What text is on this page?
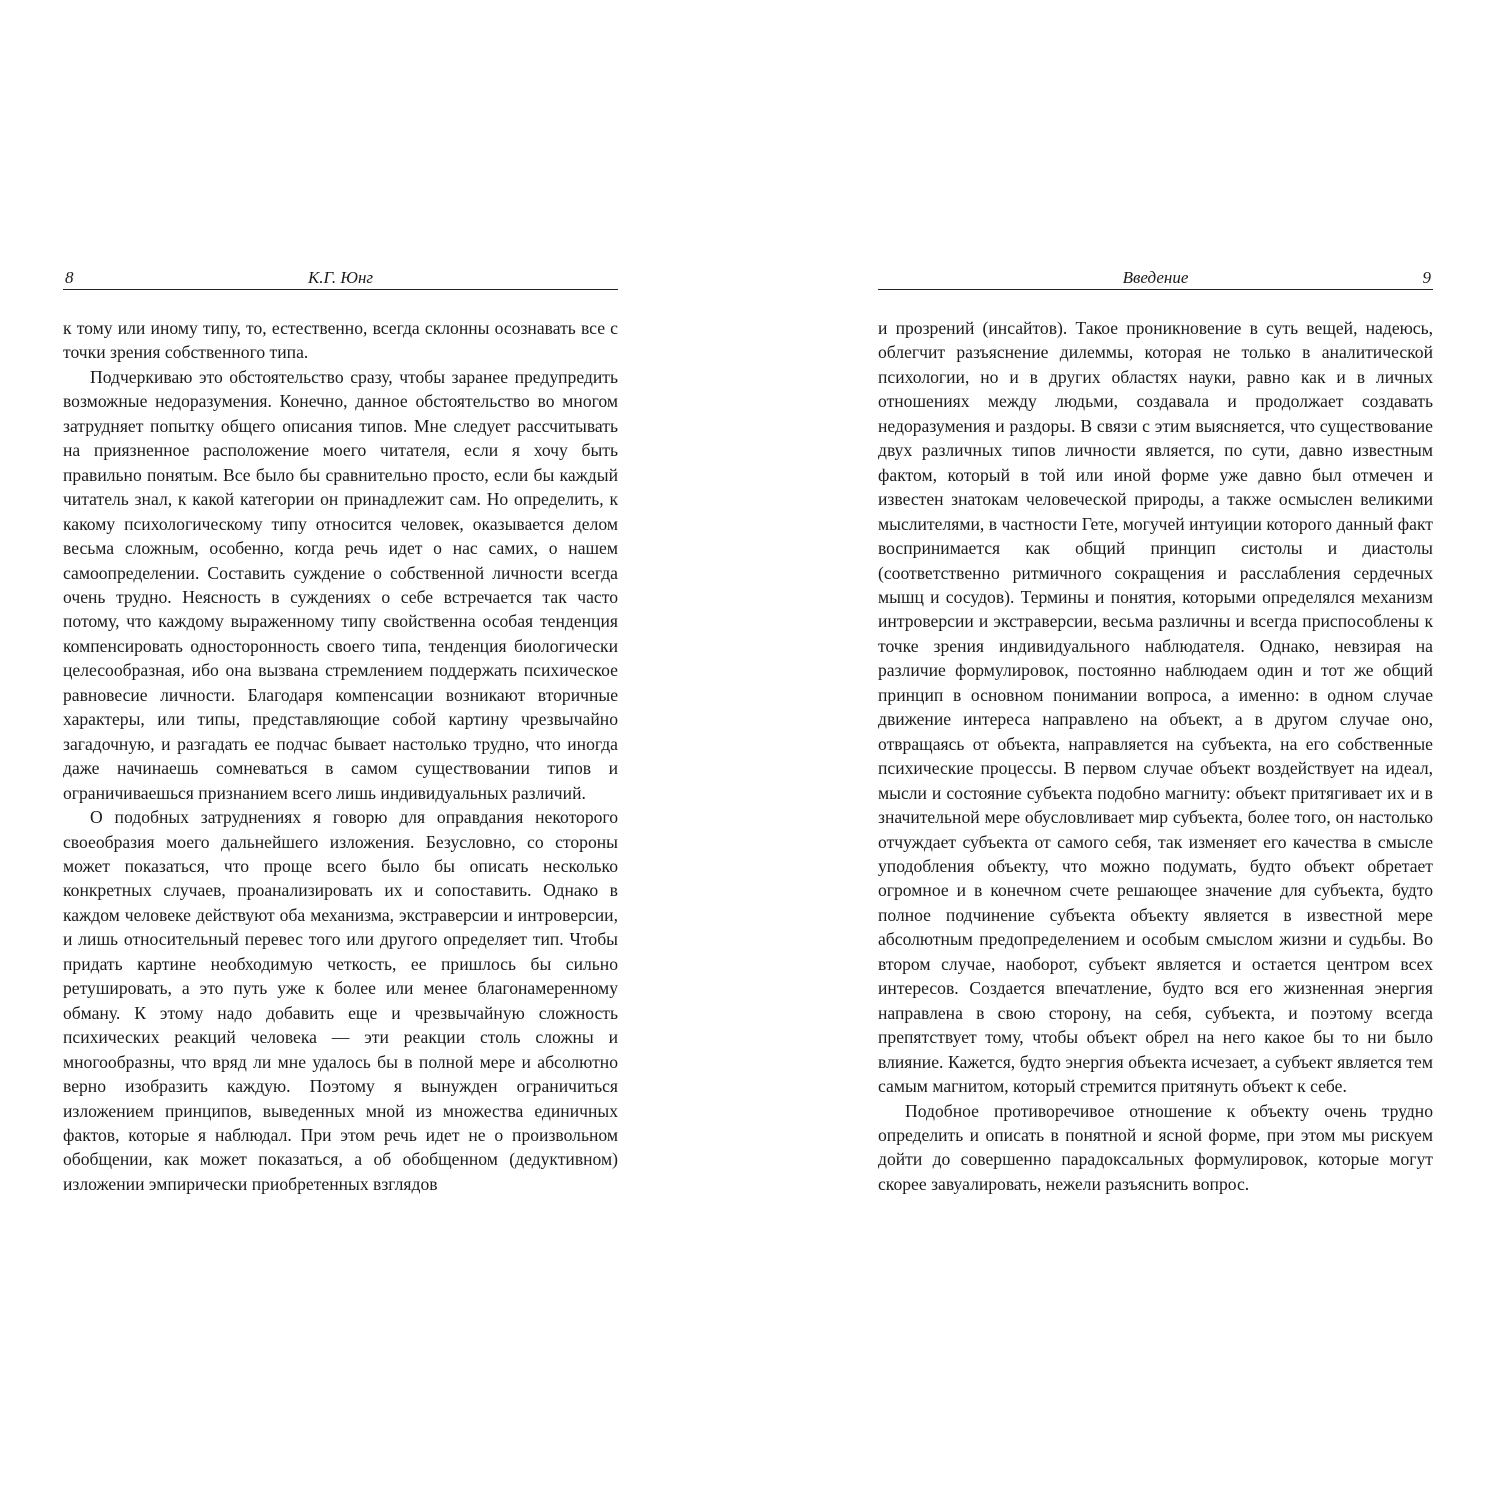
8	К.Г. Юнг

к тому или иному типу, то, естественно, всегда склонны осознавать все с точки зрения собственного типа.

Подчеркиваю это обстоятельство сразу, чтобы заранее предупредить возможные недоразумения. Конечно, данное обстоятельство во многом затрудняет попытку общего описания типов. Мне следует рассчитывать на приязненное расположение моего читателя, если я хочу быть правильно понятым. Все было бы сравнительно просто, если бы каждый читатель знал, к какой категории он принадлежит сам. Но определить, к какому психологическому типу относится человек, оказывается делом весьма сложным, особенно, когда речь идет о нас самих, о нашем самоопределении. Составить суждение о собственной личности всегда очень трудно. Неясность в суждениях о себе встречается так часто потому, что каждому выраженному типу свойственна особая тенденция компенсировать односторонность своего типа, тенденция биологически целесообразная, ибо она вызвана стремлением поддержать психическое равновесие личности. Благодаря компенсации возникают вторичные характеры, или типы, представляющие собой картину чрезвычайно загадочную, и разгадать ее подчас бывает настолько трудно, что иногда даже начинаешь сомневаться в самом существовании типов и ограничиваешься признанием всего лишь индивидуальных различий.

О подобных затруднениях я говорю для оправдания некоторого своеобразия моего дальнейшего изложения. Безусловно, со стороны может показаться, что проще всего было бы описать несколько конкретных случаев, проанализировать их и сопоставить. Однако в каждом человеке действуют оба механизма, экстраверсии и интроверсии, и лишь относительный перевес того или другого определяет тип. Чтобы придать картине необходимую четкость, ее пришлось бы сильно ретушировать, а это путь уже к более или менее благонамеренному обману. К этому надо добавить еще и чрезвычайную сложность психических реакций человека — эти реакции столь сложны и многообразны, что вряд ли мне удалось бы в полной мере и абсолютно верно изобразить каждую. Поэтому я вынужден ограничиться изложением принципов, выведенных мной из множества единичных фактов, которые я наблюдал. При этом речь идет не о произвольном обобщении, как может показаться, а об обобщенном (дедуктивном) изложении эмпирически приобретенных взглядов

Введение	9

и прозрений (инсайтов). Такое проникновение в суть вещей, надеюсь, облегчит разъяснение дилеммы, которая не только в аналитической психологии, но и в других областях науки, равно как и в личных отношениях между людьми, создавала и продолжает создавать недоразумения и раздоры. В связи с этим выясняется, что существование двух различных типов личности является, по сути, давно известным фактом, который в той или иной форме уже давно был отмечен и известен знатокам человеческой природы, а также осмыслен великими мыслителями, в частности Гете, могучей интуиции которого данный факт воспринимается как общий принцип систолы и диастолы (соответственно ритмичного сокращения и расслабления сердечных мышц и сосудов). Термины и понятия, которыми определялся механизм интроверсии и экстраверсии, весьма различны и всегда приспособлены к точке зрения индивидуального наблюдателя. Однако, невзирая на различие формулировок, постоянно наблюдаем один и тот же общий принцип в основном понимании вопроса, а именно: в одном случае движение интереса направлено на объект, а в другом случае оно, отвращаясь от объекта, направляется на субъекта, на его собственные психические процессы. В первом случае объект воздействует на идеал, мысли и состояние субъекта подобно магниту: объект притягивает их и в значительной мере обусловливает мир субъекта, более того, он настолько отчуждает субъекта от самого себя, так изменяет его качества в смысле уподобления объекту, что можно подумать, будто объект обретает огромное и в конечном счете решающее значение для субъекта, будто полное подчинение субъекта объекту является в известной мере абсолютным предопределением и особым смыслом жизни и судьбы. Во втором случае, наоборот, субъект является и остается центром всех интересов. Создается впечатление, будто вся его жизненная энергия направлена в свою сторону, на себя, субъекта, и поэтому всегда препятствует тому, чтобы объект обрел на него какое бы то ни было влияние. Кажется, будто энергия объекта исчезает, а субъект является тем самым магнитом, который стремится притянуть объект к себе.

Подобное противоречивое отношение к объекту очень трудно определить и описать в понятной и ясной форме, при этом мы рискуем дойти до совершенно парадоксальных формулировок, которые могут скорее завуалировать, нежели разъяснить вопрос.
